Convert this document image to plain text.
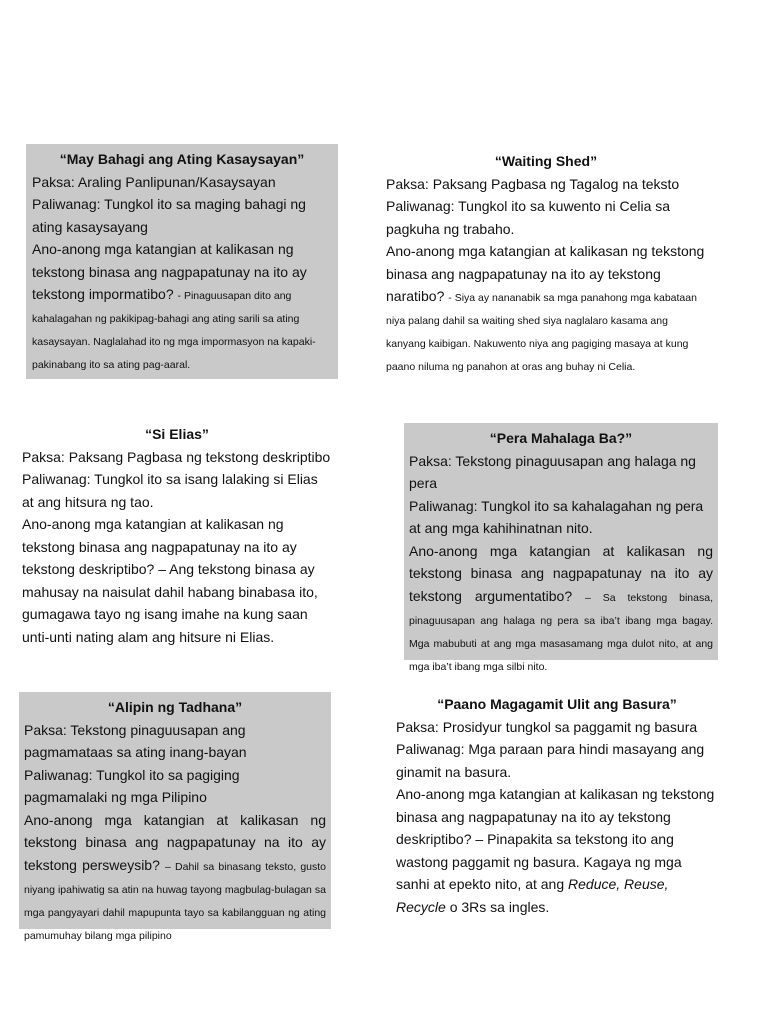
“May Bahagi ang Ating Kasaysayan”
Paksa: Araling Panlipunan/Kasaysayan
Paliwanag: Tungkol ito sa maging bahagi ng ating kasaysayang
Ano-anong mga katangian at kalikasan ng tekstong binasa ang nagpapatunay na ito ay tekstong impormatibo? - Pinaguusapan dito ang kahalagahan ng pakikipag-bahagi ang ating sarili sa ating kasaysayan. Naglalahad ito ng mga impormasyon na kapaki-pakinabang ito sa ating pag-aaral.
“Waiting Shed”
Paksa: Paksang Pagbasa ng Tagalog na teksto
Paliwanag: Tungkol ito sa kuwento ni Celia sa pagkuha ng trabaho.
Ano-anong mga katangian at kalikasan ng tekstong binasa ang nagpapatunay na ito ay tekstong naratibo? - Siya ay nananabik sa mga panahong mga kabataan niya palang dahil sa waiting shed siya naglalaro kasama ang kanyang kaibigan. Nakuwento niya ang pagiging masaya at kung paano niluma ng panahon at oras ang buhay ni Celia.
“Si Elias”
Paksa: Paksang Pagbasa ng tekstong deskriptibo
Paliwanag: Tungkol ito sa isang lalaking si Elias at ang hitsura ng tao.
Ano-anong mga katangian at kalikasan ng tekstong binasa ang nagpapatunay na ito ay tekstong deskriptibo? – Ang tekstong binasa ay mahusay na naisulat dahil habang binabasa ito, gumagawa tayo ng isang imahe na kung saan unti-unti nating alam ang hitsure ni Elias.
“Pera Mahalaga Ba?”
Paksa: Tekstong pinaguusapan ang halaga ng pera
Paliwanag: Tungkol ito sa kahalagahan ng pera at ang mga kahihinatnan nito.
Ano-anong mga katangian at kalikasan ng tekstong binasa ang nagpapatunay na ito ay tekstong argumentatibo? – Sa tekstong binasa, pinaguusapan ang halaga ng pera sa iba’t ibang mga bagay. Mga mabubuti at ang mga masasamang mga dulot nito, at ang mga iba’t ibang mga silbi nito.
“Alipin ng Tadhana”
Paksa: Tekstong pinaguusapan ang pagmamataas sa ating inang-bayan
Paliwanag: Tungkol ito sa pagiging pagmamalaki ng mga Pilipino
Ano-anong mga katangian at kalikasan ng tekstong binasa ang nagpapatunay na ito ay tekstong persweysib? – Dahil sa binasang teksto, gusto niyang ipahiwatig sa atin na huwag tayong magbulag-bulagan sa mga pangyayari dahil mapupunta tayo sa kabilangguan ng ating pamumuhay bilang mga pilipino
“Paano Magagamit Ulit ang Basura”
Paksa: Prosidyur tungkol sa paggamit ng basura
Paliwanag: Mga paraan para hindi masayang ang ginamit na basura.
Ano-anong mga katangian at kalikasan ng tekstong binasa ang nagpapatunay na ito ay tekstong deskriptibo? – Pinapakita sa tekstong ito ang wastong paggamit ng basura. Kagaya ng mga sanhi at epekto nito, at ang Reduce, Reuse, Recycle o 3Rs sa ingles.
